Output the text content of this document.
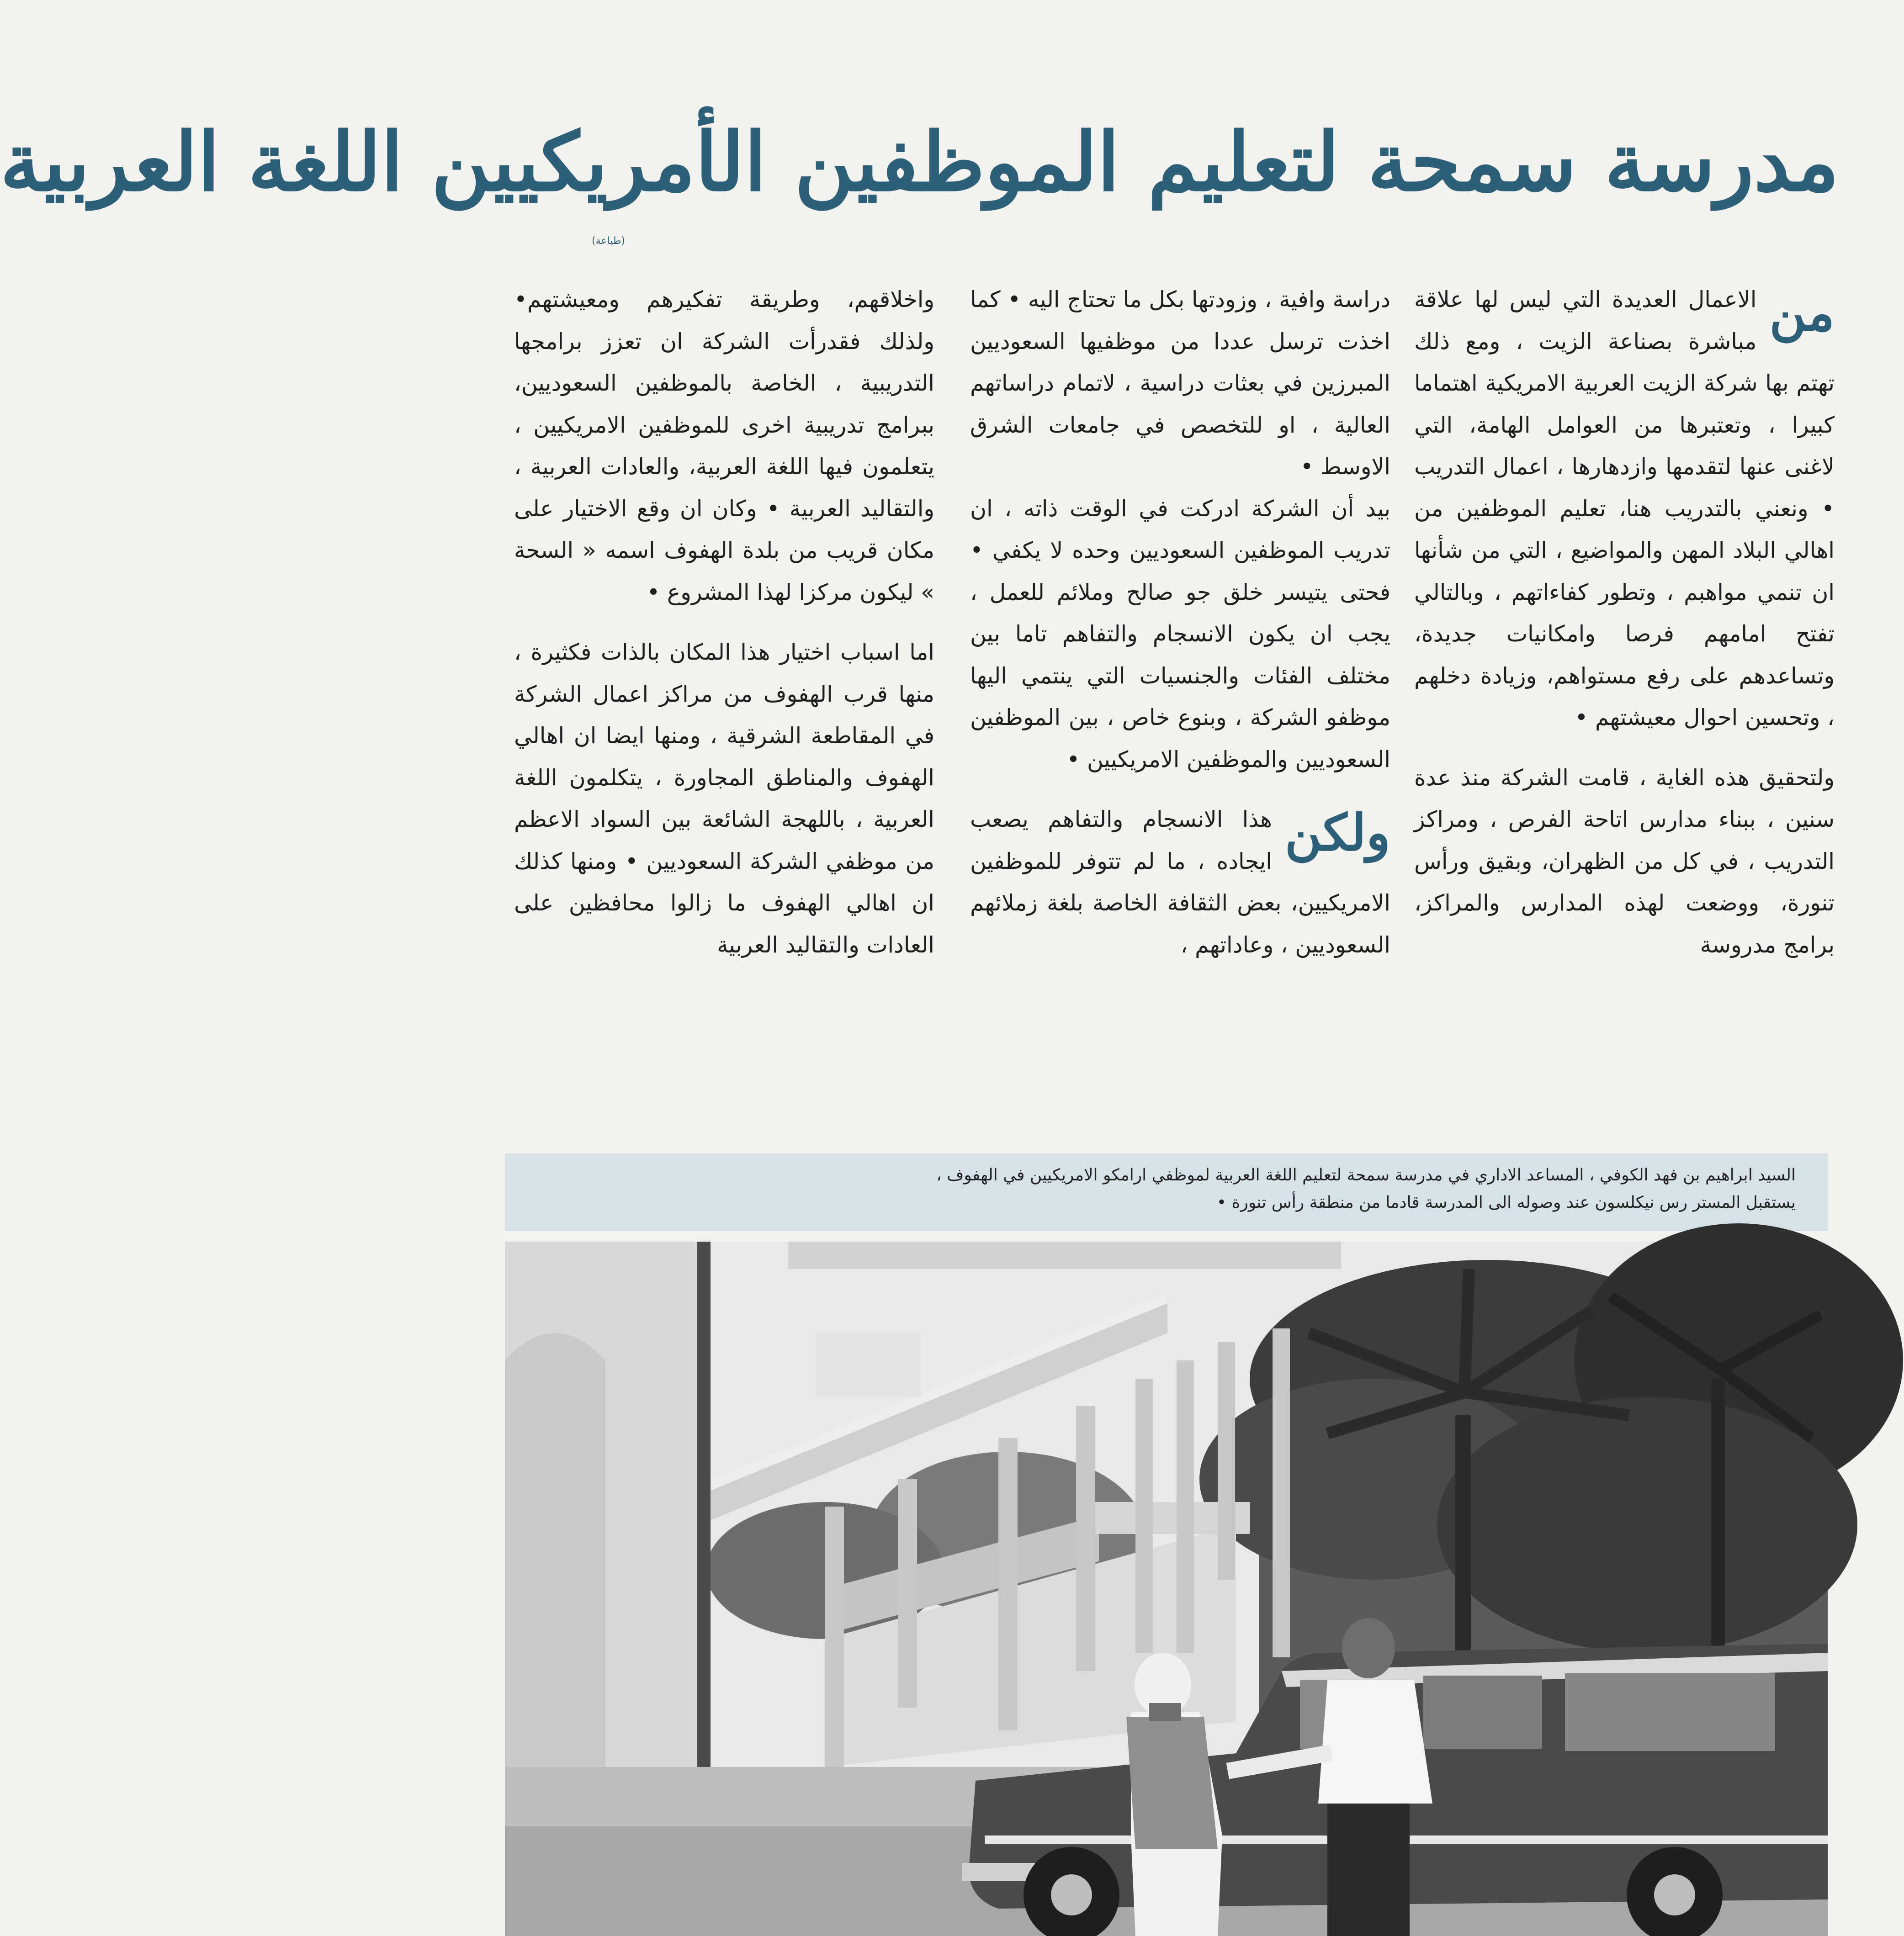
مدرسة سمحة لتعليم الموظفين الأمريكيين اللغة العربية
(طباعة)
من

الاعمال العديدة التي ليس لها علاقة مباشرة بصناعة الزيت ، ومع ذلك تهتم بها شركة الزيت العربية الامريكية اهتماما كبيرا ، وتعتبرها من العوامل الهامة، التي لاغنى عنها لتقدمها وازدهارها ، اعمال التدريب • ونعني بالتدريب هنا، تعليم الموظفين من اهالي البلاد المهن والمواضيع ، التي من شأنها ان تنمي مواهبم ، وتطور كفاءاتهم ، وبالتالي تفتح امامهم فرصا وامكانيات جديدة، وتساعدهم على رفع مستواهم، وزيادة دخلهم ، وتحسين احوال معيشتهم •

ولتحقيق هذه الغاية ، قامت الشركة منذ عدة سنين ، ببناء مدارس اتاحة الفرص ، ومراكز التدريب ، في كل من الظهران، وبقيق ورأس تنورة، ووضعت لهذه المدارس والمراكز، برامج مدروسة

دراسة وافية ، وزودتها بكل ما تحتاج اليه • كما اخذت ترسل عددا من موظفيها السعوديين المبرزين في بعثات دراسية ، لاتمام دراساتهم العالية ، او للتخصص في جامعات الشرق الاوسط •

بيد أن الشركة ادركت في الوقت ذاته ، ان تدريب الموظفين السعوديين وحده لا يكفي • فحتى يتيسر خلق جو صالح وملائم للعمل ، يجب ان يكون الانسجام والتفاهم تاما بين مختلف الفئات والجنسيات التي ينتمي اليها موظفو الشركة ، وبنوع خاص ، بين الموظفين السعوديين والموظفين الامريكيين •

ولكن

هذا الانسجام والتفاهم يصعب ايجاده ، ما لم تتوفر للموظفين الامريكيين، بعض الثقافة الخاصة بلغة زملائهم السعوديين ، وعاداتهم ،

واخلاقهم، وطريقة تفكيرهم ومعيشتهم• ولذلك فقدرأت الشركة ان تعزز برامجها التدريبية ، الخاصة بالموظفين السعوديين، ببرامج تدريبية اخرى للموظفين الامريكيين ، يتعلمون فيها اللغة العربية، والعادات العربية ، والتقاليد العربية • وكان ان وقع الاختيار على مكان قريب من بلدة الهفوف اسمه « السحة » ليكون مركزا لهذا المشروع •

اما اسباب اختيار هذا المكان بالذات فكثيرة ، منها قرب الهفوف من مراكز اعمال الشركة في المقاطعة الشرقية ، ومنها ايضا ان اهالي الهفوف والمناطق المجاورة ، يتكلمون اللغة العربية ، باللهجة الشائعة بين السواد الاعظم من موظفي الشركة السعوديين • ومنها كذلك ان اهالي الهفوف ما زالوا محافظين على العادات والتقاليد العربية

السيد ابراهيم بن فهد الكوفي ، المساعد الاداري في مدرسة سمحة لتعليم اللغة العربية لموظفي ارامكو الامريكيين في الهفوف ،

يستقبل المستر رس نيكلسون عند وصوله الى المدرسة قادما من منطقة رأس تنورة •
